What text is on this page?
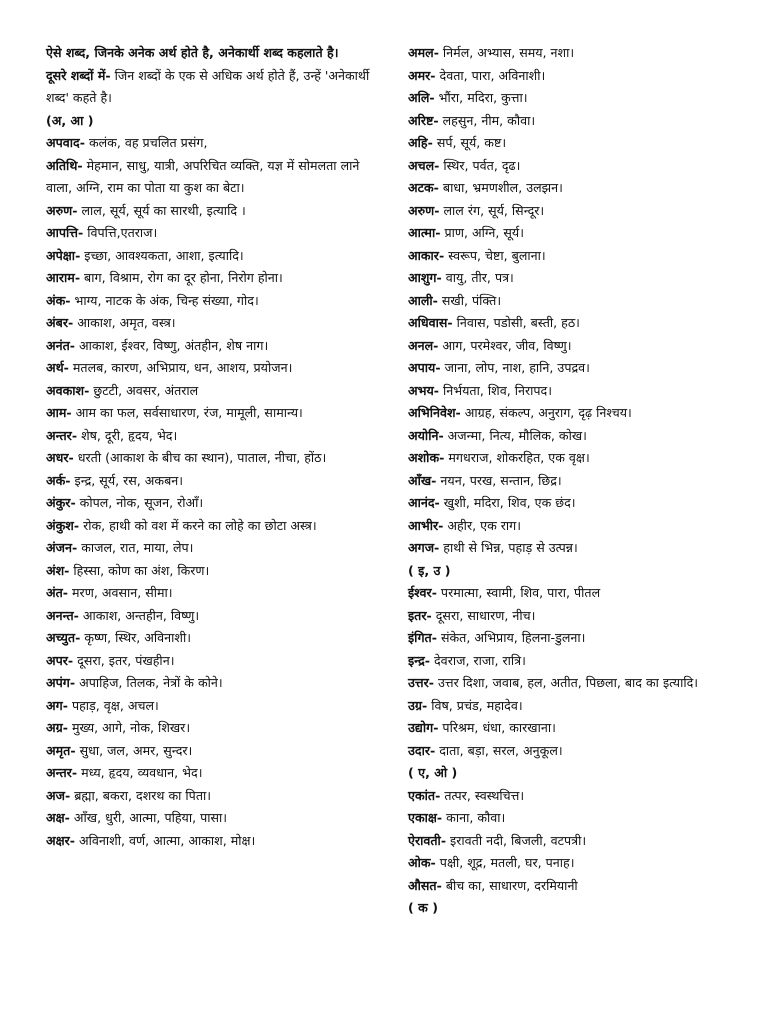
ऐसे शब्द, जिनके अनेक अर्थ होते है, अनेकार्थी शब्द कहलाते है।

दूसरे शब्दों में- जिन शब्दों के एक से अधिक अर्थ होते हैं, उन्हें 'अनेकार्थी शब्द' कहते है।

(अ, आ )

अपवाद- कलंक, वह प्रचलित प्रसंग,

अतिथि- मेहमान, साधु, यात्री, अपरिचित व्यक्ति, यज्ञ में सोमलता लाने वाला, अग्नि, राम का पोता या कुश का बेटा।

अरुण- लाल, सूर्य, सूर्य का सारथी, इत्यादि ।

आपत्ति- विपत्ति,एतराज।

अपेक्षा- इच्छा, आवश्यकता, आशा, इत्यादि।

आराम- बाग, विश्राम, रोग का दूर होना, निरोग होना।

अंक- भाग्य, नाटक के अंक, चिन्ह संख्या, गोद।

अंबर- आकाश, अमृत, वस्त्र।

अनंत- आकाश, ईश्वर, विष्णु, अंतहीन, शेष नाग।

अर्थ- मतलब, कारण, अभिप्राय, धन, आशय, प्रयोजन।

अवकाश- छुटटी, अवसर, अंतराल

आम- आम का फल, सर्वसाधारण, रंज, मामूली, सामान्य।

अन्तर- शेष, दूरी, हृदय, भेद।

अधर- धरती (आकाश के बीच का स्थान), पाताल, नीचा, होंठ।

अर्क- इन्द्र, सूर्य, रस, अकबन।

अंकुर- कोपल, नोक, सूजन, रोआँ।

अंकुश- रोक, हाथी को वश में करने का लोहे का छोटा अस्त्र।

अंजन- काजल, रात, माया, लेप।

अंश- हिस्सा, कोण का अंश, किरण।

अंत- मरण, अवसान, सीमा।

अनन्त- आकाश, अन्तहीन, विष्णु।

अच्युत- कृष्ण, स्थिर, अविनाशी।

अपर- दूसरा, इतर, पंखहीन।

अपंग- अपाहिज, तिलक, नेत्रों के कोने।

अग- पहाड़, वृक्ष, अचल।

अग्र- मुख्य, आगे, नोक, शिखर।

अमृत- सुधा, जल, अमर, सुन्दर।

अन्तर- मध्य, हृदय, व्यवधान, भेद।

अज- ब्रह्मा, बकरा, दशरथ का पिता।

अक्ष- आँख, धुरी, आत्मा, पहिया, पासा।

अक्षर- अविनाशी, वर्ण, आत्मा, आकाश, मोक्ष।

अमल- निर्मल, अभ्यास, समय, नशा।

अमर- देवता, पारा, अविनाशी।

अलि- भौंरा, मदिरा, कुत्ता।

अरिष्ट- लहसुन, नीम, कौवा।

अहि- सर्प, सूर्य, कष्ट।

अचल- स्थिर, पर्वत, दृढ।

अटक- बाधा, भ्रमणशील, उलझन।

अरुण- लाल रंग, सूर्य, सिन्दूर।

आत्मा- प्राण, अग्नि, सूर्य।

आकार- स्वरूप, चेष्टा, बुलाना।

आशुग- वायु, तीर, पत्र।

आली- सखी, पंक्ति।

अधिवास- निवास, पडोसी, बस्ती, हठ।

अनल- आग, परमेश्वर, जीव, विष्णु।

अपाय- जाना, लोप, नाश, हानि, उपद्रव।

अभय- निर्भयता, शिव, निरापद।

अभिनिवेश- आग्रह, संकल्प, अनुराग, दृढ़ निश्चय।

अयोनि- अजन्मा, नित्य, मौलिक, कोख।

अशोक- मगधराज, शोकरहित, एक वृक्ष।

आँख- नयन, परख, सन्तान, छिद्र।

आनंद- खुशी, मदिरा, शिव, एक छंद।

आभीर- अहीर, एक राग।

अगज- हाथी से भिन्न, पहाड़ से उत्पन्न।

( इ, उ )

ईश्वर- परमात्मा, स्वामी, शिव, पारा, पीतल

इतर- दूसरा, साधारण, नीच।

इंगित- संकेत, अभिप्राय, हिलना-डुलना।

इन्द्र- देवराज, राजा, रात्रि।

उत्तर- उत्तर दिशा, जवाब, हल, अतीत, पिछला, बाद का इत्यादि।

उग्र- विष, प्रचंड, महादेव।

उद्योग- परिश्रम, धंधा, कारखाना।

उदार- दाता, बड़ा, सरल, अनुकूल।

( ए, ओ )

एकांत- तत्पर, स्वस्थचित्त।

एकाक्ष- काना, कौवा।

ऐरावती- इरावती नदी, बिजली, वटपत्री।

ओक- पक्षी, शूद्र, मतली, घर, पनाह।

औसत- बीच का, साधारण, दरमियानी

( क )
